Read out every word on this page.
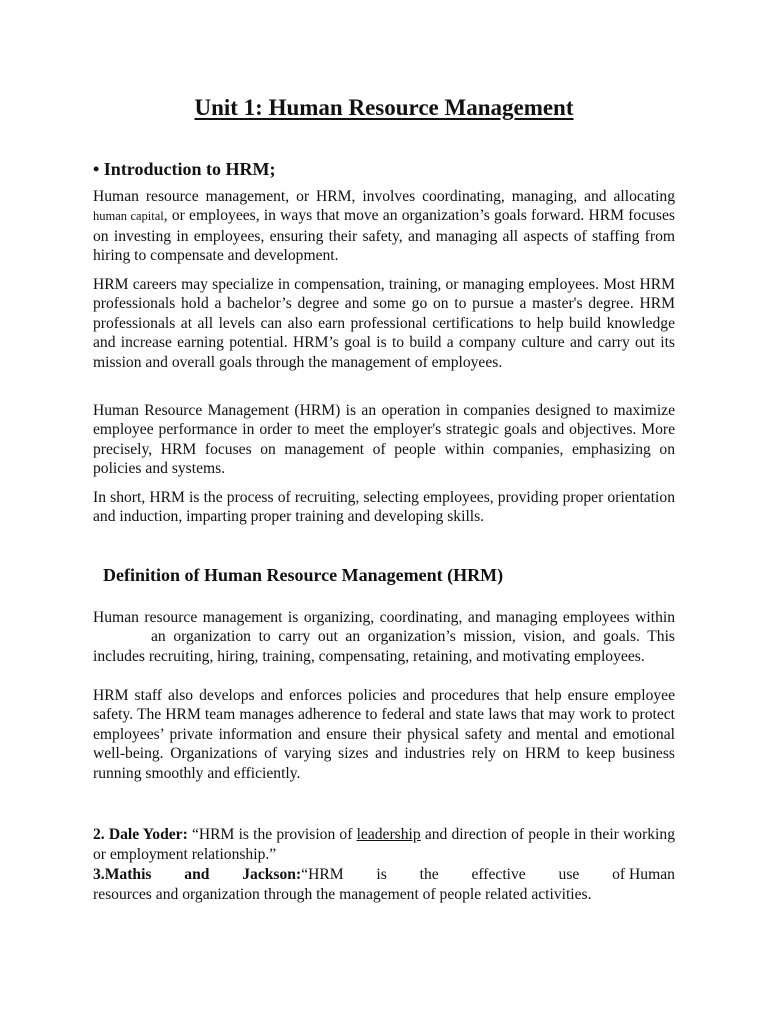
Unit 1: Human Resource Management
• Introduction to HRM;

Human resource management, or HRM, involves coordinating, managing, and allocating human capital, or employees, in ways that move an organization’s goals forward. HRM focuses on investing in employees, ensuring their safety, and managing all aspects of staffing from hiring to compensate and development.

HRM careers may specialize in compensation, training, or managing employees. Most HRM professionals hold a bachelor’s degree and some go on to pursue a master's degree. HRM professionals at all levels can also earn professional certifications to help build knowledge and increase earning potential. HRM’s goal is to build a company culture and carry out its mission and overall goals through the management of employees.

Human Resource Management (HRM) is an operation in companies designed to maximize employee performance in order to meet the employer's strategic goals and objectives. More precisely, HRM focuses on management of people within companies, emphasizing on policies and systems.

In short, HRM is the process of recruiting, selecting employees, providing proper orientation and induction, imparting proper training and developing skills.

Definition of Human Resource Management (HRM)

Human resource management is organizing, coordinating, and managing employees withinan organization to carry out an organization’s mission, vision, and goals. This includes recruiting, hiring, training, compensating, retaining, and motivating employees.

HRM staff also develops and enforces policies and procedures that help ensure employee safety. The HRM team manages adherence to federal and state laws that may work to protect employees’ private information and ensure their physical safety and mental and emotional well-being. Organizations of varying sizes and industries rely on HRM to keep business running smoothly and efficiently.

2. Dale Yoder: “HRM is the provision of leadership and direction of people in their working or employment relationship.”

3.Mathis and Jackson:“HRM is the effective use of Human
resources and organization through the management of people related activities.
